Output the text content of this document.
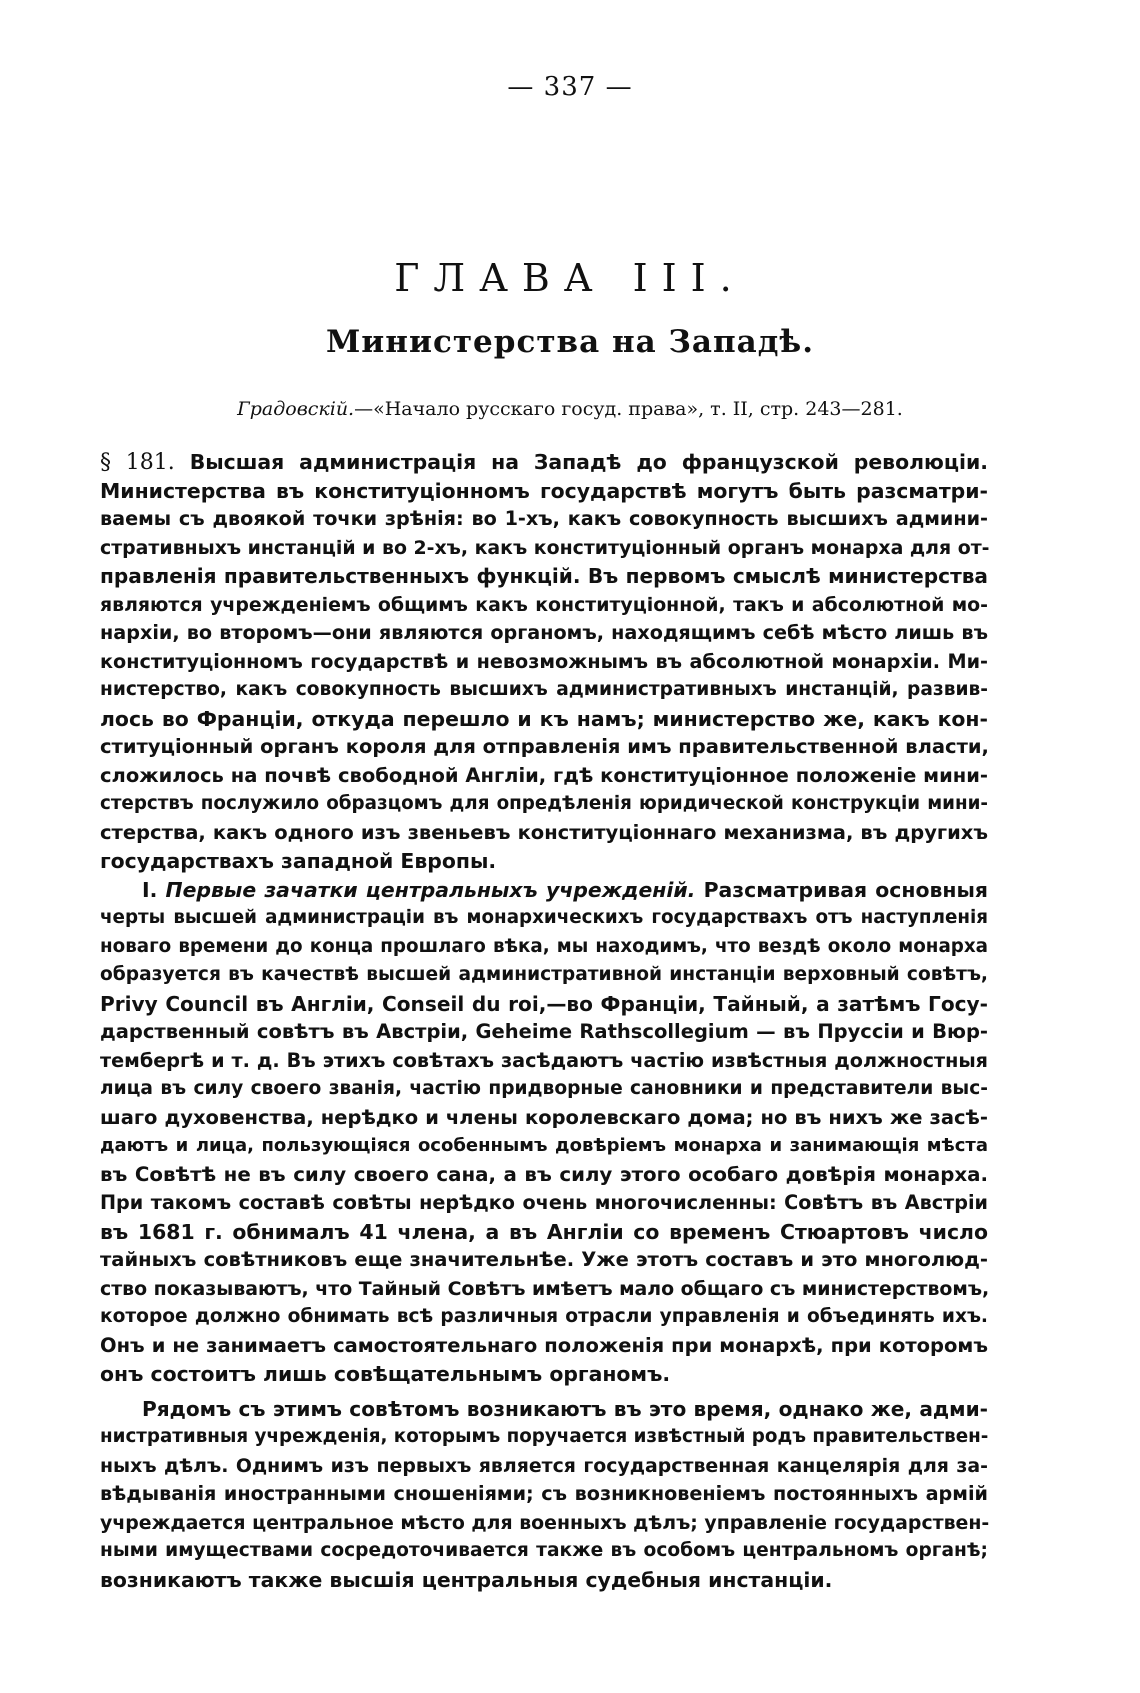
— 337 —
ГЛАВА III.
Министерства на Западѣ.
Градовскій.—«Начало русскаго госуд. права», т. II, стр. 243—281.
§ 181. Высшая администрація на Западѣ до французской революціи.
Министерства въ конституціонномъ государствѣ могутъ быть разсматри-
ваемы съ двоякой точки зрѣнія: во 1-хъ, какъ совокупность высшихъ админи-
стративныхъ инстанцій и во 2-хъ, какъ конституціонный органъ монарха для от-
правленія правительственныхъ функцій. Въ первомъ смыслѣ министерства
являются учрежденіемъ общимъ какъ конституціонной, такъ и абсолютной мо-
нархіи, во второмъ—они являются органомъ, находящимъ себѣ мѣсто лишь въ
конституціонномъ государствѣ и невозможнымъ въ абсолютной монархіи. Ми-
нистерство, какъ совокупность высшихъ административныхъ инстанцій, развив-
лось во Франціи, откуда перешло и къ намъ; министерство же, какъ кон-
ституціонный органъ короля для отправленія имъ правительственной власти,
сложилось на почвѣ свободной Англіи, гдѣ конституціонное положеніе мини-
стерствъ послужило образцомъ для опредѣленія юридической конструкціи мини-
стерства, какъ одного изъ звеньевъ конституціоннаго механизма, въ другихъ
государствахъ западной Европы.
I. Первые зачатки центральныхъ учрежденій. Разсматривая основныя
черты высшей администраціи въ монархическихъ государствахъ отъ наступленія
новаго времени до конца прошлаго вѣка, мы находимъ, что вездѣ около монарха
образуется въ качествѣ высшей административной инстанціи верховный совѣтъ,
Privy Council въ Англіи, Conseil du roi,—во Франціи, Тайный, а затѣмъ Госу-
дарственный совѣтъ въ Австріи, Geheime Rathscollegium — въ Пруссіи и Вюр-
тембергѣ и т. д. Въ этихъ совѣтахъ засѣдаютъ частію извѣстныя должностныя
лица въ силу своего званія, частію придворные сановники и представители выс-
шаго духовенства, нерѣдко и члены королевскаго дома; но въ нихъ же засѣ-
даютъ и лица, пользующіяся особеннымъ довѣріемъ монарха и занимающія мѣста
въ Совѣтѣ не въ силу своего сана, а въ силу этого особаго довѣрія монарха.
При такомъ составѣ совѣты нерѣдко очень многочисленны: Совѣтъ въ Австріи
въ 1681 г. обнималъ 41 члена, а въ Англіи со временъ Стюартовъ число
тайныхъ совѣтниковъ еще значительнѣе. Уже этотъ составъ и это многолюд-
ство показываютъ, что Тайный Совѣтъ имѣетъ мало общаго съ министерствомъ,
которое должно обнимать всѣ различныя отрасли управленія и объединять ихъ.
Онъ и не занимаетъ самостоятельнаго положенія при монархѣ, при которомъ
онъ состоитъ лишь совѣщательнымъ органомъ.
Рядомъ съ этимъ совѣтомъ возникаютъ въ это время, однако же, адми-
нистративныя учрежденія, которымъ поручается извѣстный родъ правительствен-
ныхъ дѣлъ. Однимъ изъ первыхъ является государственная канцелярія для за-
вѣдыванія иностранными сношеніями; съ возникновеніемъ постоянныхъ армій
учреждается центральное мѣсто для военныхъ дѣлъ; управленіе государствен-
ными имуществами сосредоточивается также въ особомъ центральномъ органѣ;
возникаютъ также высшія центральныя судебныя инстанціи.
